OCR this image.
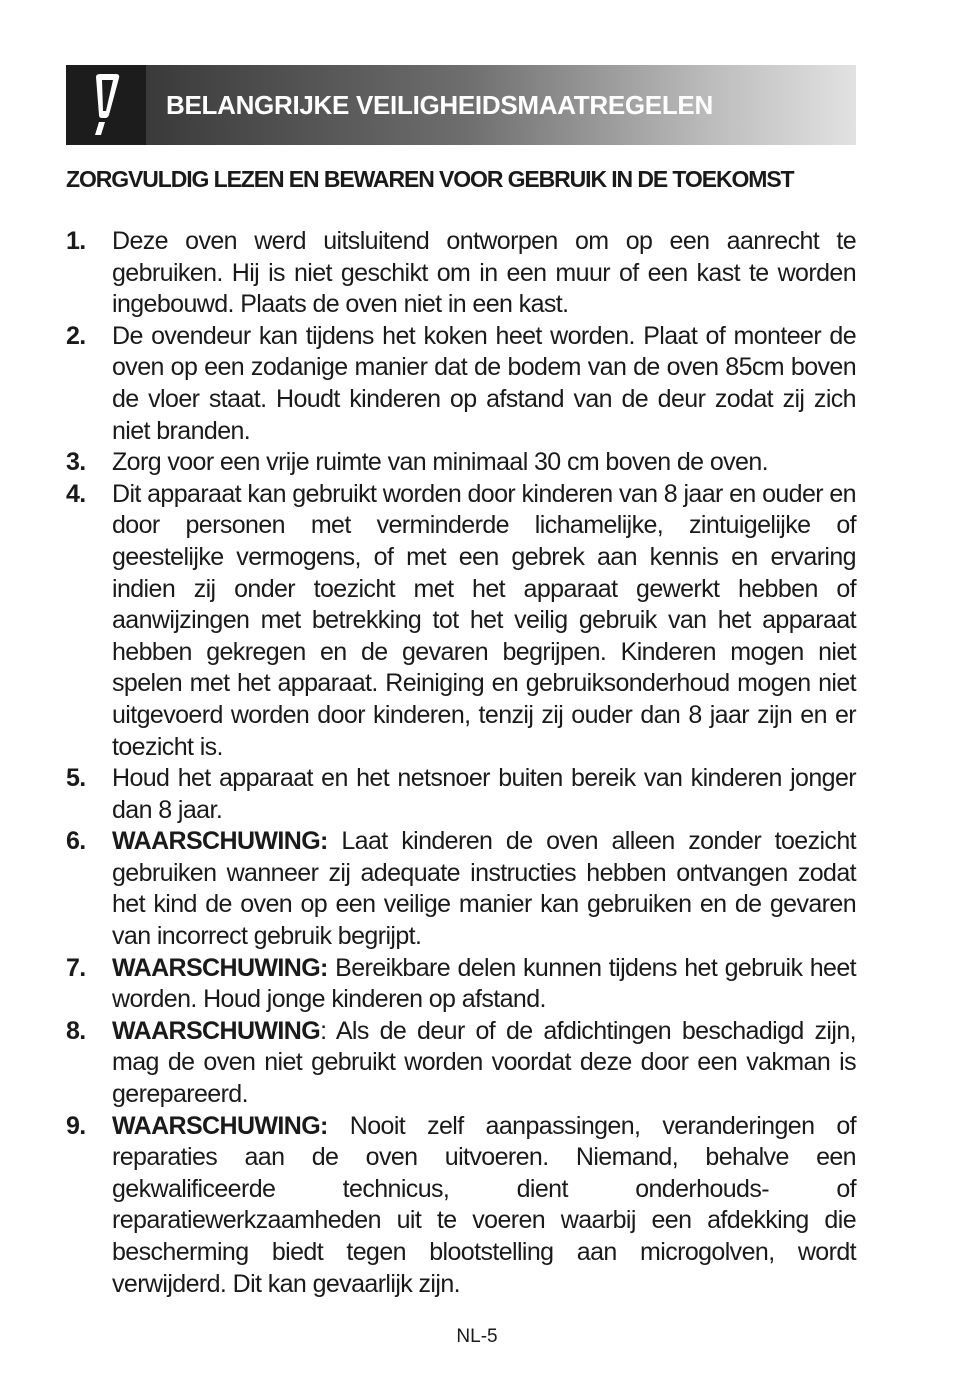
BELANGRIJKE VEILIGHEIDSMAATREGELEN
ZORGVULDIG LEZEN EN BEWAREN VOOR GEBRUIK IN DE TOEKOMST
1.	Deze oven werd uitsluitend ontworpen om op een aanrecht te gebruiken. Hij is niet geschikt om in een muur of een kast te worden ingebouwd. Plaats de oven niet in een kast.
2.	De ovendeur kan tijdens het koken heet worden. Plaat of monteer de oven op een zodanige manier dat de bodem van de oven 85cm boven de vloer staat. Houdt kinderen op afstand van de deur zodat zij zich niet branden.
3.	Zorg voor een vrije ruimte van minimaal 30 cm boven de oven.
4.	Dit apparaat kan gebruikt worden door kinderen van 8 jaar en ouder en door personen met verminderde lichamelijke, zintuigelijke of geestelijke vermogens, of met een gebrek aan kennis en ervaring indien zij onder toezicht met het apparaat gewerkt hebben of aanwijzingen met betrekking tot het veilig gebruik van het apparaat hebben gekregen en de gevaren begrijpen. Kinderen mogen niet spelen met het apparaat. Reiniging en gebruiksonderhoud mogen niet uitgevoerd worden door kinderen, tenzij zij ouder dan 8 jaar zijn en er toezicht is.
5.	Houd het apparaat en het netsnoer buiten bereik van kinderen jonger dan 8 jaar.
6.	WAARSCHUWING: Laat kinderen de oven alleen zonder toezicht gebruiken wanneer zij adequate instructies hebben ontvangen zodat het kind de oven op een veilige manier kan gebruiken en de gevaren van incorrect gebruik begrijpt.
7.	WAARSCHUWING: Bereikbare delen kunnen tijdens het gebruik heet worden. Houd jonge kinderen op afstand.
8.	WAARSCHUWING: Als de deur of de afdichtingen beschadigd zijn, mag de oven niet gebruikt worden voordat deze door een vakman is gerepareerd.
9.	WAARSCHUWING: Nooit zelf aanpassingen, veranderingen of reparaties aan de oven uitvoeren. Niemand, behalve een gekwalificeerde technicus, dient onderhouds- of reparatiewerkzaamheden uit te voeren waarbij een afdekking die bescherming biedt tegen blootstelling aan microgolven, wordt verwijderd. Dit kan gevaarlijk zijn.
NL-5
